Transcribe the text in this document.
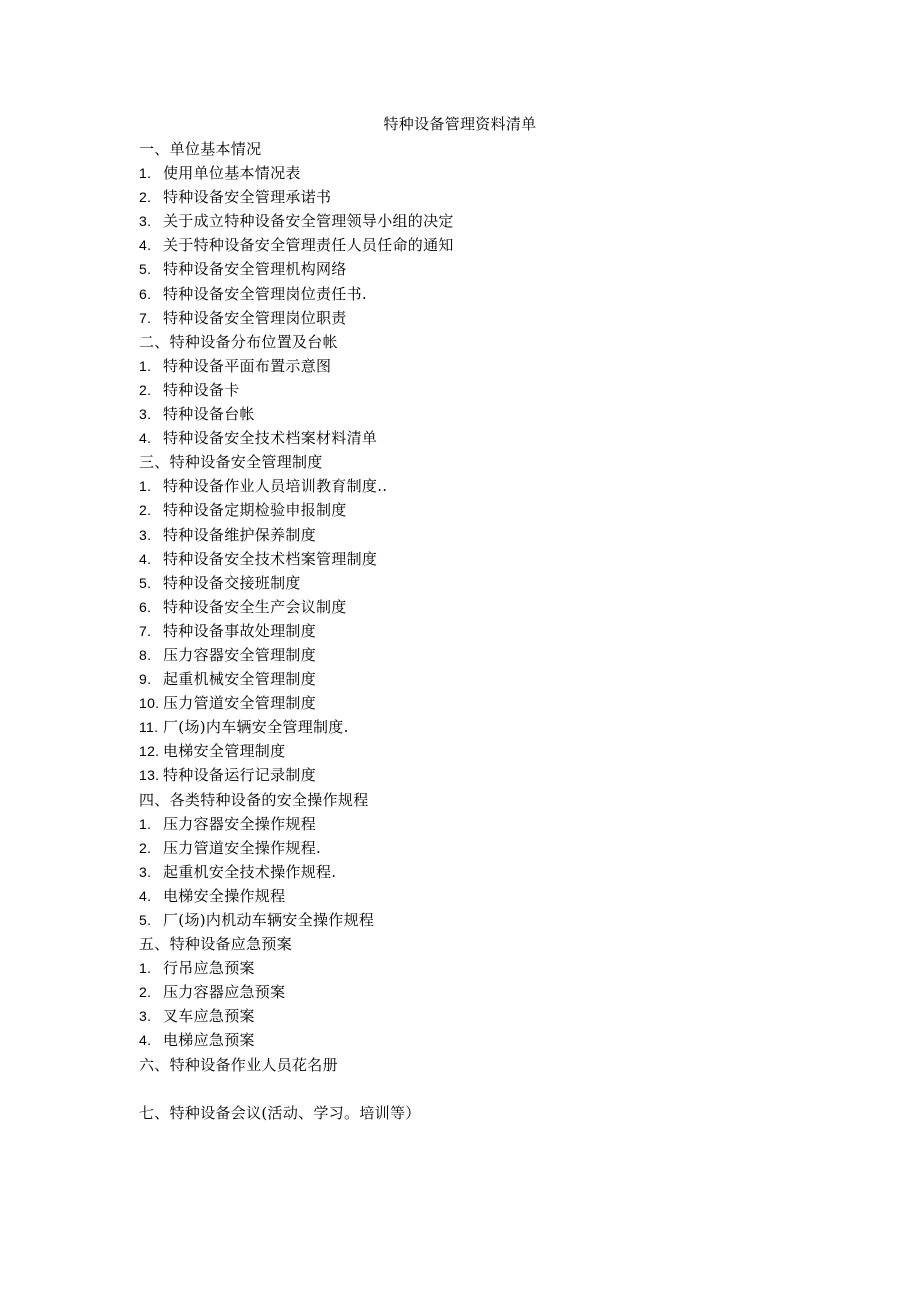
特种设备管理资料清单
一、单位基本情况
1. 使用单位基本情况表
2. 特种设备安全管理承诺书
3. 关于成立特种设备安全管理领导小组的决定
4. 关于特种设备安全管理责任人员任命的通知
5. 特种设备安全管理机构网络
6. 特种设备安全管理岗位责任书.
7. 特种设备安全管理岗位职责
二、特种设备分布位置及台帐
1. 特种设备平面布置示意图
2. 特种设备卡
3. 特种设备台帐
4. 特种设备安全技术档案材料清单
三、特种设备安全管理制度
1. 特种设备作业人员培训教育制度..
2. 特种设备定期检验申报制度
3. 特种设备维护保养制度
4. 特种设备安全技术档案管理制度
5. 特种设备交接班制度
6. 特种设备安全生产会议制度
7. 特种设备事故处理制度
8. 压力容器安全管理制度
9. 起重机械安全管理制度
10. 压力管道安全管理制度
11. 厂(场)内车辆安全管理制度.
12. 电梯安全管理制度
13. 特种设备运行记录制度
四、各类特种设备的安全操作规程
1. 压力容器安全操作规程
2. 压力管道安全操作规程.
3. 起重机安全技术操作规程.
4. 电梯安全操作规程
5. 厂(场)内机动车辆安全操作规程
五、特种设备应急预案
1. 行吊应急预案
2. 压力容器应急预案
3. 叉车应急预案
4. 电梯应急预案
六、特种设备作业人员花名册
七、特种设备会议(活动、学习。培训等）
